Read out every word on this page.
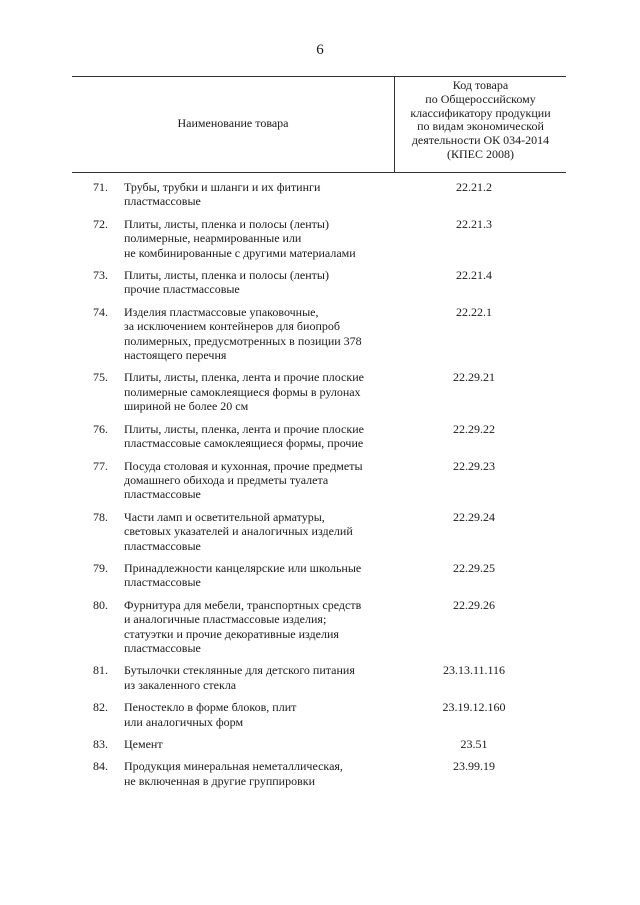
6
Наименование товара
Код товара
по Общероссийскому
классификатору продукции
по видам экономической
деятельности ОК 034-2014
(КПЕС 2008)
71. Трубы, трубки и шланги и их фитинги
пластмассовые
22.21.2
72. Плиты, листы, пленка и полосы (ленты)
полимерные, неармированные или
не комбинированные с другими материалами
22.21.3
73. Плиты, листы, пленка и полосы (ленты)
прочие пластмассовые
22.21.4
74. Изделия пластмассовые упаковочные,
за исключением контейнеров для биопроб
полимерных, предусмотренных в позиции 378
настоящего перечня
22.22.1
75. Плиты, листы, пленка, лента и прочие плоские
полимерные самоклеящиеся формы в рулонах
шириной не более 20 см
22.29.21
76. Плиты, листы, пленка, лента и прочие плоские
пластмассовые самоклеящиеся формы, прочие
22.29.22
77. Посуда столовая и кухонная, прочие предметы
домашнего обихода и предметы туалета
пластмассовые
22.29.23
78. Части ламп и осветительной арматуры,
световых указателей и аналогичных изделий
пластмассовые
22.29.24
79. Принадлежности канцелярские или школьные
пластмассовые
22.29.25
80. Фурнитура для мебели, транспортных средств
и аналогичные пластмассовые изделия;
статуэтки и прочие декоративные изделия
пластмассовые
22.29.26
81. Бутылочки стеклянные для детского питания
из закаленного стекла
23.13.11.116
82. Пеностекло в форме блоков, плит
или аналогичных форм
23.19.12.160
83. Цемент	23.51
84. Продукция минеральная неметаллическая,
не включенная в другие группировки
23.99.19
